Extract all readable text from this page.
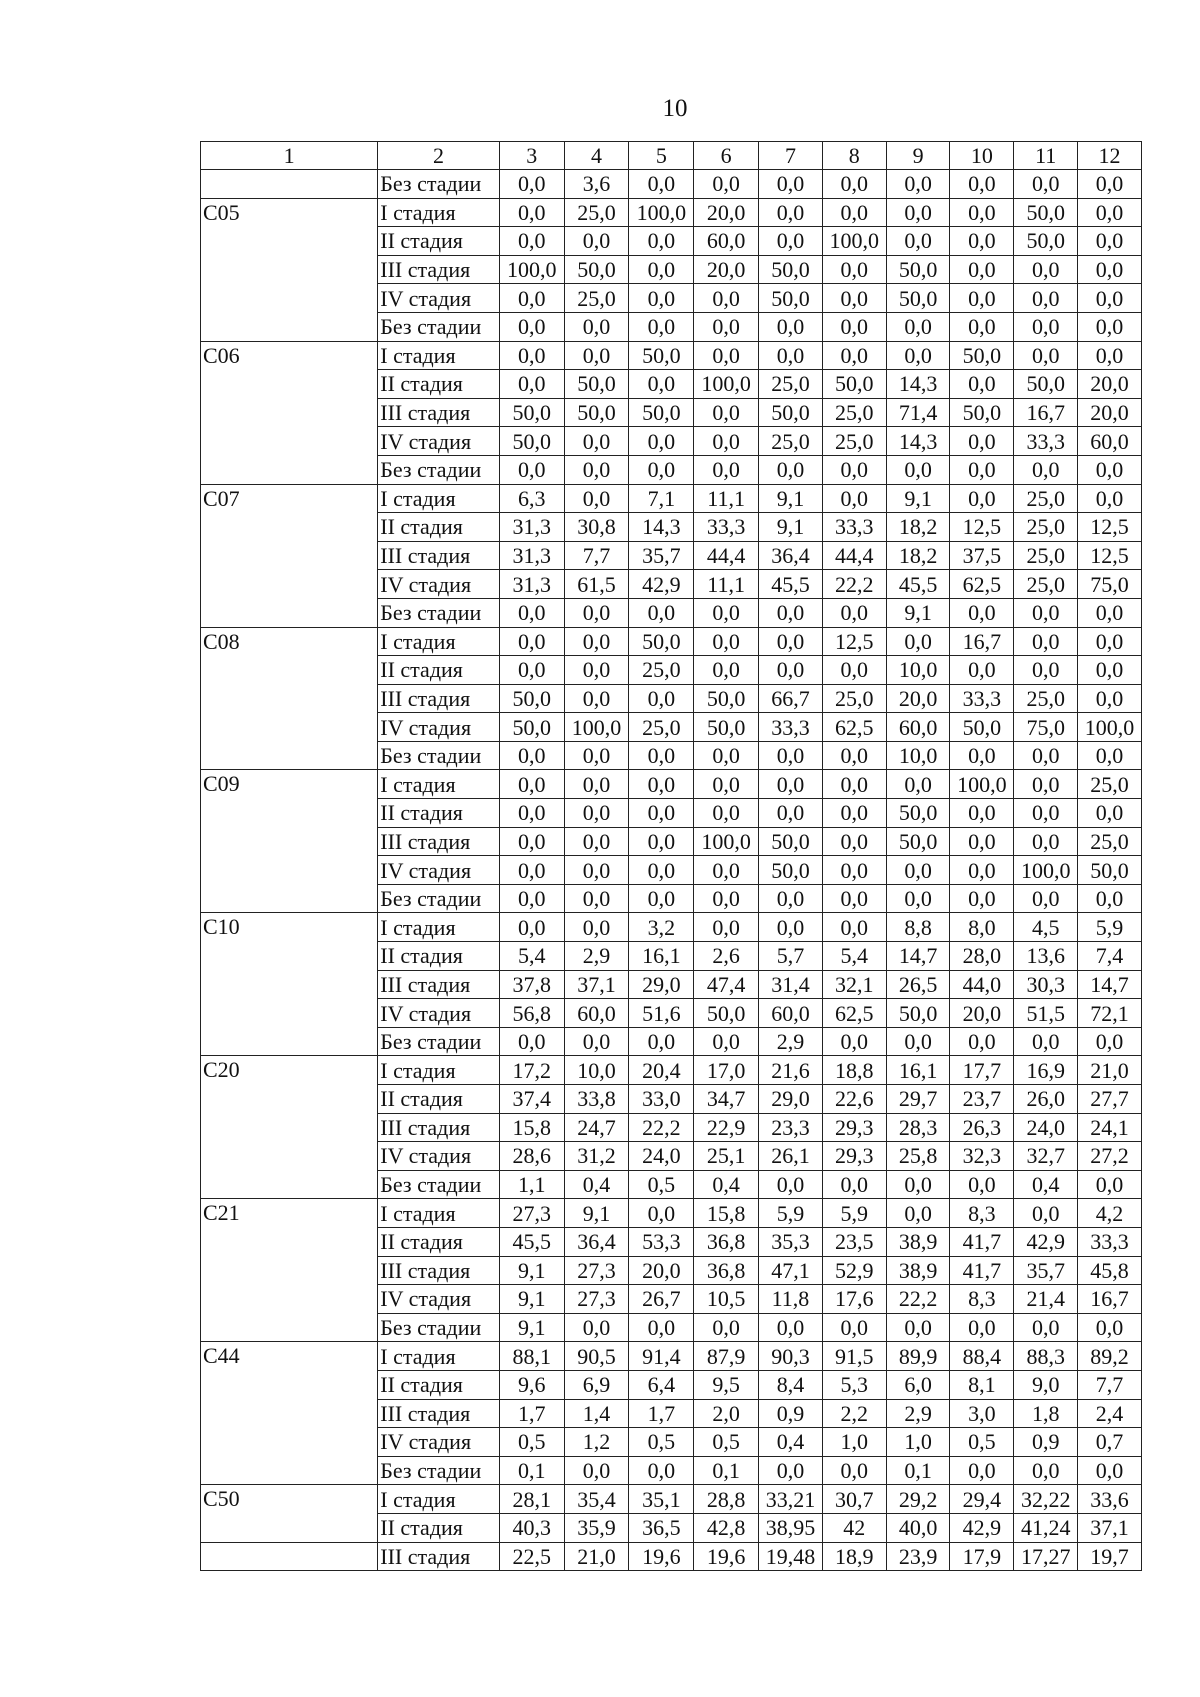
10
1	2	3	4	5	6	7	8	9	10	11	12
	Без стадии	0,0	3,6	0,0	0,0	0,0	0,0	0,0	0,0	0,0	0,0
C05	I стадия	0,0	25,0	100,0	20,0	0,0	0,0	0,0	0,0	50,0	0,0
	II стадия	0,0	0,0	0,0	60,0	0,0	100,0	0,0	0,0	50,0	0,0
	III стадия	100,0	50,0	0,0	20,0	50,0	0,0	50,0	0,0	0,0	0,0
	IV стадия	0,0	25,0	0,0	0,0	50,0	0,0	50,0	0,0	0,0	0,0
	Без стадии	0,0	0,0	0,0	0,0	0,0	0,0	0,0	0,0	0,0	0,0
C06	I стадия	0,0	0,0	50,0	0,0	0,0	0,0	0,0	50,0	0,0	0,0
	II стадия	0,0	50,0	0,0	100,0	25,0	50,0	14,3	0,0	50,0	20,0
	III стадия	50,0	50,0	50,0	0,0	50,0	25,0	71,4	50,0	16,7	20,0
	IV стадия	50,0	0,0	0,0	0,0	25,0	25,0	14,3	0,0	33,3	60,0
	Без стадии	0,0	0,0	0,0	0,0	0,0	0,0	0,0	0,0	0,0	0,0
C07	I стадия	6,3	0,0	7,1	11,1	9,1	0,0	9,1	0,0	25,0	0,0
	II стадия	31,3	30,8	14,3	33,3	9,1	33,3	18,2	12,5	25,0	12,5
	III стадия	31,3	7,7	35,7	44,4	36,4	44,4	18,2	37,5	25,0	12,5
	IV стадия	31,3	61,5	42,9	11,1	45,5	22,2	45,5	62,5	25,0	75,0
	Без стадии	0,0	0,0	0,0	0,0	0,0	0,0	9,1	0,0	0,0	0,0
C08	I стадия	0,0	0,0	50,0	0,0	0,0	12,5	0,0	16,7	0,0	0,0
	II стадия	0,0	0,0	25,0	0,0	0,0	0,0	10,0	0,0	0,0	0,0
	III стадия	50,0	0,0	0,0	50,0	66,7	25,0	20,0	33,3	25,0	0,0
	IV стадия	50,0	100,0	25,0	50,0	33,3	62,5	60,0	50,0	75,0	100,0
	Без стадии	0,0	0,0	0,0	0,0	0,0	0,0	10,0	0,0	0,0	0,0
C09	I стадия	0,0	0,0	0,0	0,0	0,0	0,0	0,0	100,0	0,0	25,0
	II стадия	0,0	0,0	0,0	0,0	0,0	0,0	50,0	0,0	0,0	0,0
	III стадия	0,0	0,0	0,0	100,0	50,0	0,0	50,0	0,0	0,0	25,0
	IV стадия	0,0	0,0	0,0	0,0	50,0	0,0	0,0	0,0	100,0	50,0
	Без стадии	0,0	0,0	0,0	0,0	0,0	0,0	0,0	0,0	0,0	0,0
C10	I стадия	0,0	0,0	3,2	0,0	0,0	0,0	8,8	8,0	4,5	5,9
	II стадия	5,4	2,9	16,1	2,6	5,7	5,4	14,7	28,0	13,6	7,4
	III стадия	37,8	37,1	29,0	47,4	31,4	32,1	26,5	44,0	30,3	14,7
	IV стадия	56,8	60,0	51,6	50,0	60,0	62,5	50,0	20,0	51,5	72,1
	Без стадии	0,0	0,0	0,0	0,0	2,9	0,0	0,0	0,0	0,0	0,0
C20	I стадия	17,2	10,0	20,4	17,0	21,6	18,8	16,1	17,7	16,9	21,0
	II стадия	37,4	33,8	33,0	34,7	29,0	22,6	29,7	23,7	26,0	27,7
	III стадия	15,8	24,7	22,2	22,9	23,3	29,3	28,3	26,3	24,0	24,1
	IV стадия	28,6	31,2	24,0	25,1	26,1	29,3	25,8	32,3	32,7	27,2
	Без стадии	1,1	0,4	0,5	0,4	0,0	0,0	0,0	0,0	0,4	0,0
C21	I стадия	27,3	9,1	0,0	15,8	5,9	5,9	0,0	8,3	0,0	4,2
	II стадия	45,5	36,4	53,3	36,8	35,3	23,5	38,9	41,7	42,9	33,3
	III стадия	9,1	27,3	20,0	36,8	47,1	52,9	38,9	41,7	35,7	45,8
	IV стадия	9,1	27,3	26,7	10,5	11,8	17,6	22,2	8,3	21,4	16,7
	Без стадии	9,1	0,0	0,0	0,0	0,0	0,0	0,0	0,0	0,0	0,0
C44	I стадия	88,1	90,5	91,4	87,9	90,3	91,5	89,9	88,4	88,3	89,2
	II стадия	9,6	6,9	6,4	9,5	8,4	5,3	6,0	8,1	9,0	7,7
	III стадия	1,7	1,4	1,7	2,0	0,9	2,2	2,9	3,0	1,8	2,4
	IV стадия	0,5	1,2	0,5	0,5	0,4	1,0	1,0	0,5	0,9	0,7
	Без стадии	0,1	0,0	0,0	0,1	0,0	0,0	0,1	0,0	0,0	0,0
C50	I стадия	28,1	35,4	35,1	28,8	33,21	30,7	29,2	29,4	32,22	33,6
	II стадия	40,3	35,9	36,5	42,8	38,95	42	40,0	42,9	41,24	37,1
	III стадия	22,5	21,0	19,6	19,6	19,48	18,9	23,9	17,9	17,27	19,7
